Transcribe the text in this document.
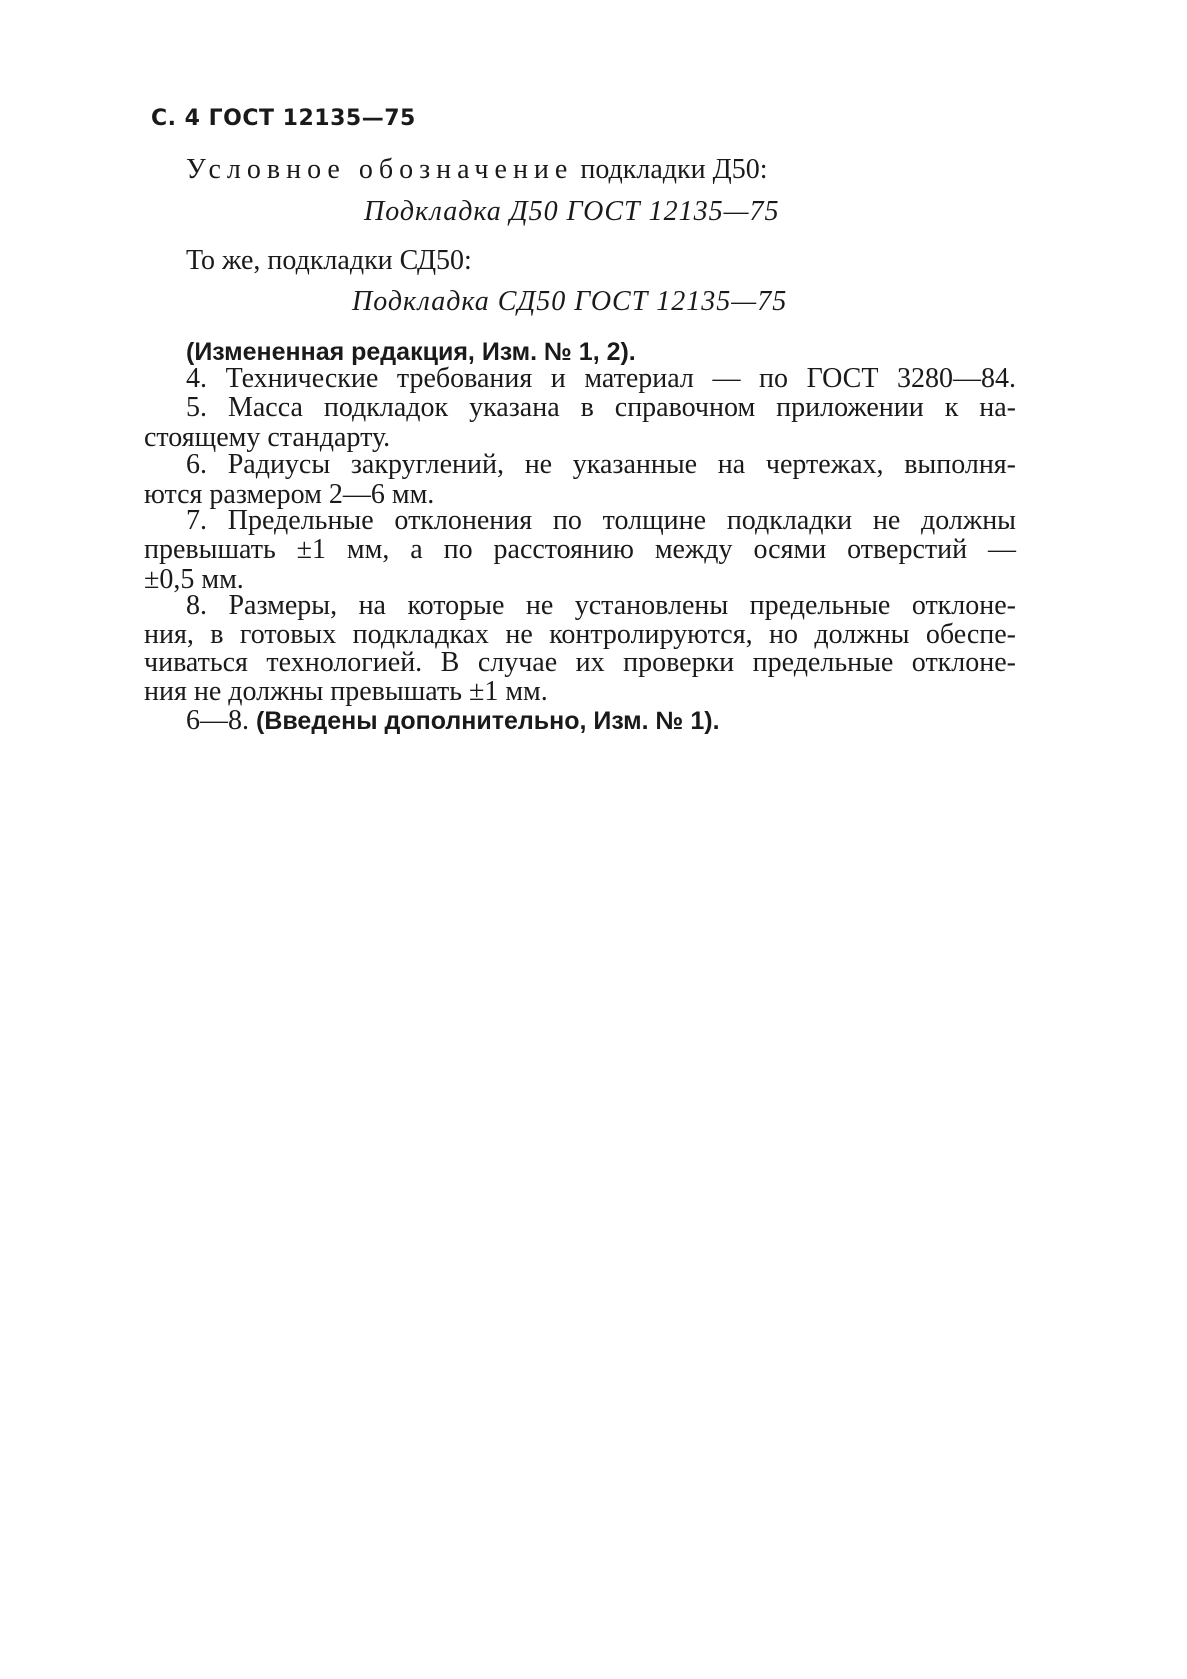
С. 4 ГОСТ 12135—75
Условное обозначение подкладки Д50:
Подкладка Д50 ГОСТ 12135—75
То же, подкладки СД50:
Подкладка СД50 ГОСТ 12135—75
(Измененная редакция, Изм. № 1, 2).
4. Технические требования и материал — по ГОСТ 3280—84.
5. Масса подкладок указана в справочном приложении к на-
стоящему стандарту.
6. Радиусы закруглений, не указанные на чертежах, выполня-
ются размером 2—6 мм.
7. Предельные отклонения по толщине подкладки не должны
превышать ±1 мм, а по расстоянию между осями отверстий —
±0,5 мм.
8. Размеры, на которые не установлены предельные отклоне-
ния, в готовых подкладках не контролируются, но должны обеспе-
чиваться технологией. В случае их проверки предельные отклоне-
ния не должны превышать ±1 мм.
6—8. (Введены дополнительно, Изм. № 1).
